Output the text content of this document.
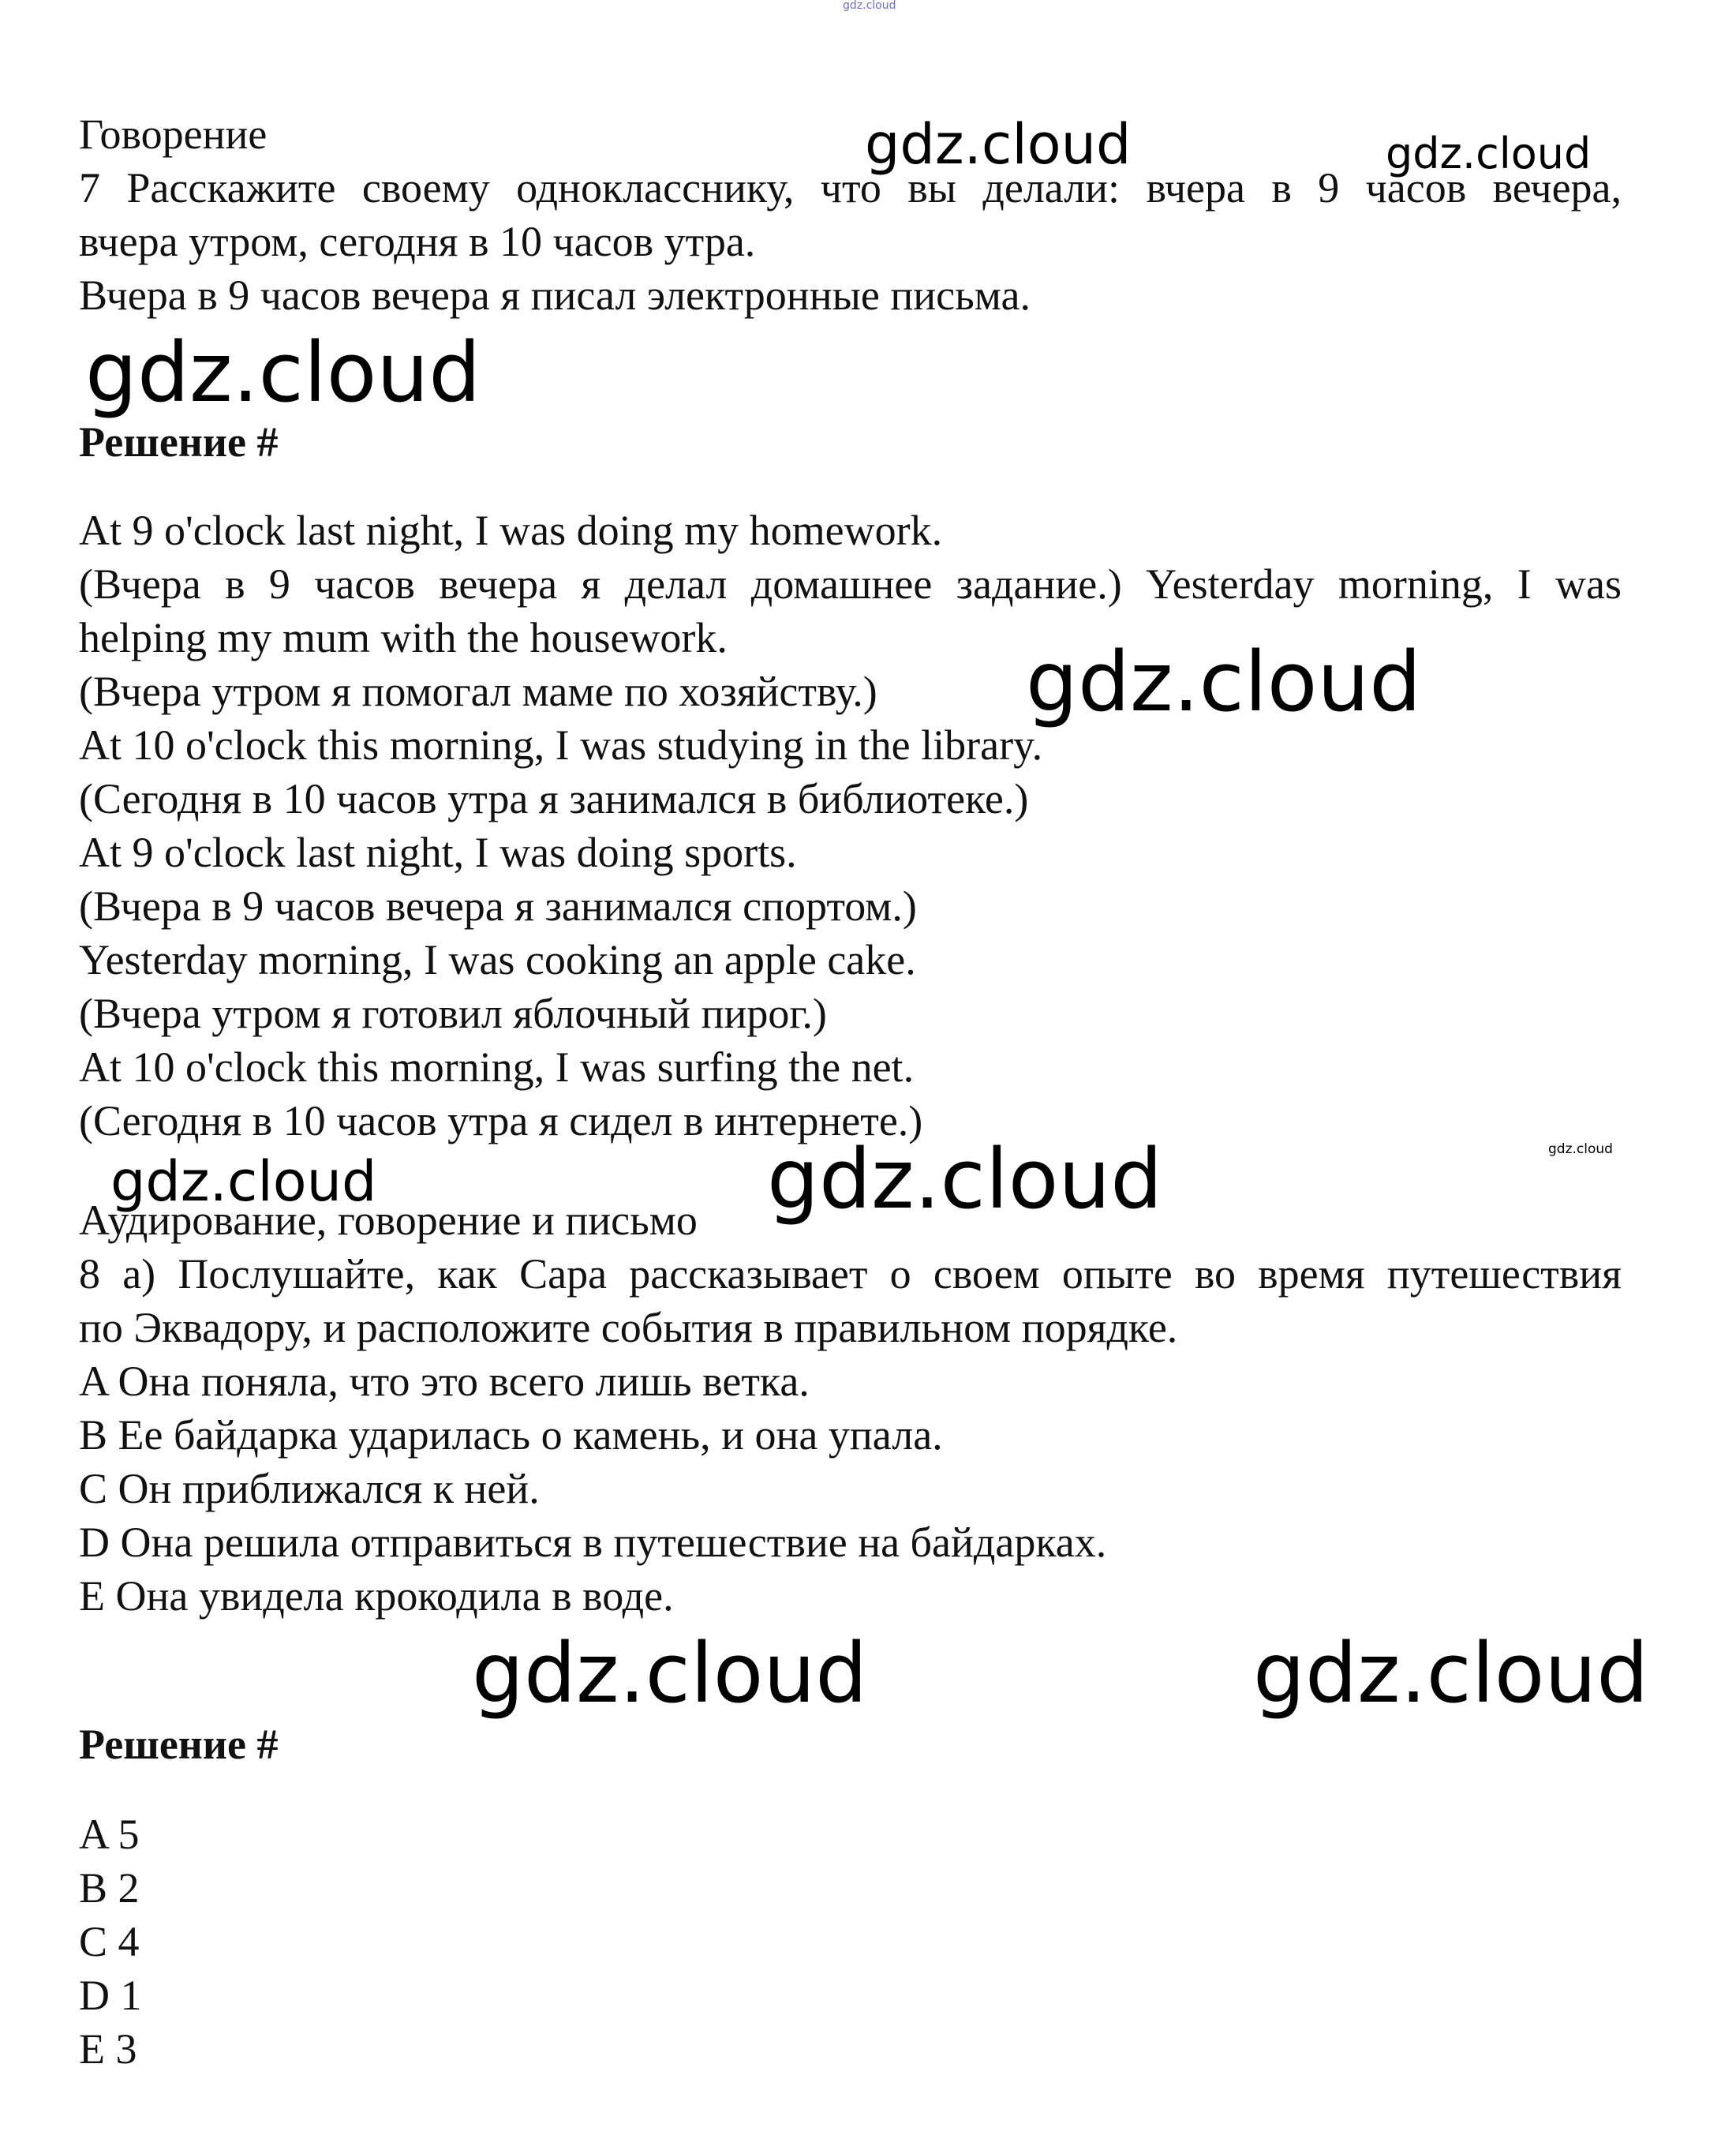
gdz.cloud
gdz.cloud	gdz.cloud
gdz.cloud
gdz.cloud
gdz.cloud
gdz.cloud	gdz.cloud
gdz.cloud	gdz.cloud
Говорение
7 Расскажите своему однокласснику, что вы делали: вчера в 9 часов вечера,
вчера утром, сегодня в 10 часов утра.
Вчера в 9 часов вечера я писал электронные письма.
Решение #
At 9 o'clock last night, I was doing my homework.
(Вчера в 9 часов вечера я делал домашнее задание.) Yesterday morning, I was
helping my mum with the housework.
(Вчера утром я помогал маме по хозяйству.)
At 10 o'clock this morning, I was studying in the library.
(Сегодня в 10 часов утра я занимался в библиотеке.)
At 9 o'clock last night, I was doing sports.
(Вчера в 9 часов вечера я занимался спортом.)
Yesterday morning, I was cooking an apple cake.
(Вчера утром я готовил яблочный пирог.)
At 10 o'clock this morning, I was surfing the net.
(Сегодня в 10 часов утра я сидел в интернете.)
Аудирование, говорение и письмо
8 a) Послушайте, как Сара рассказывает о своем опыте во время путешествия
по Эквадору, и расположите события в правильном порядке.
A Она поняла, что это всего лишь ветка.
B Ее байдарка ударилась о камень, и она упала.
C Он приближался к ней.
D Она решила отправиться в путешествие на байдарках.
E Она увидела крокодила в воде.
Решение #
A 5
B 2
C 4
D 1
E 3
